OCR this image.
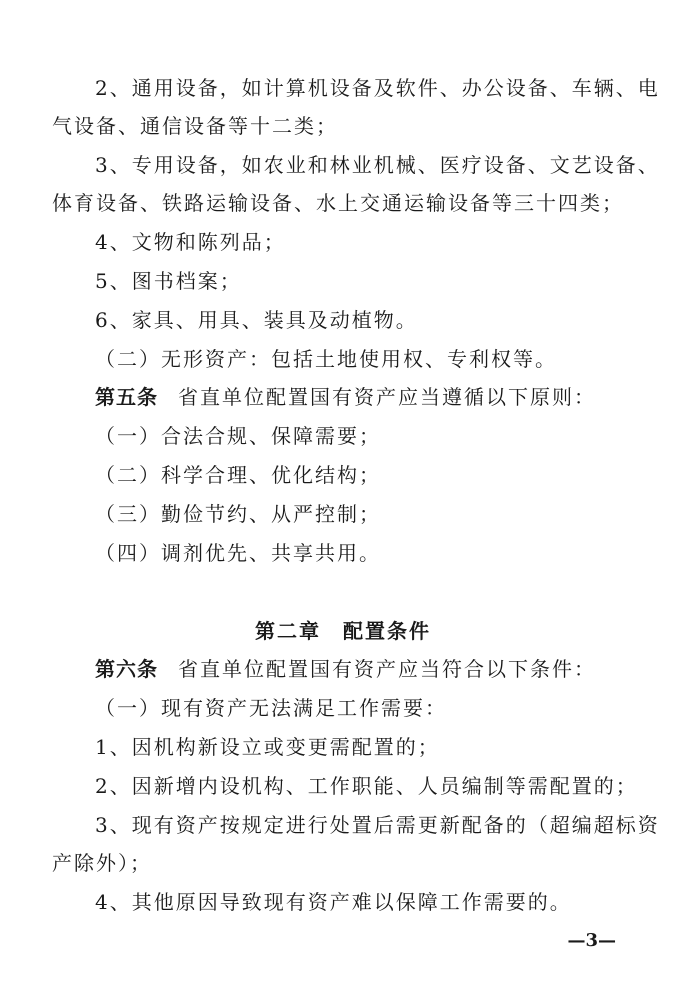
2、通用设备，如计算机设备及软件、办公设备、车辆、电
气设备、通信设备等十二类；
3、专用设备，如农业和林业机械、医疗设备、文艺设备、
体育设备、铁路运输设备、水上交通运输设备等三十四类；
4、文物和陈列品；
5、图书档案；
6、家具、用具、装具及动植物。
（二）无形资产：包括土地使用权、专利权等。
第五条 省直单位配置国有资产应当遵循以下原则：
（一）合法合规、保障需要；
（二）科学合理、优化结构；
（三）勤俭节约、从严控制；
（四）调剂优先、共享共用。
第二章　配置条件
第六条 省直单位配置国有资产应当符合以下条件：
（一）现有资产无法满足工作需要：
1、因机构新设立或变更需配置的；
2、因新增内设机构、工作职能、人员编制等需配置的；
3、现有资产按规定进行处置后需更新配备的（超编超标资
产除外）；
4、其他原因导致现有资产难以保障工作需要的。
—3—
